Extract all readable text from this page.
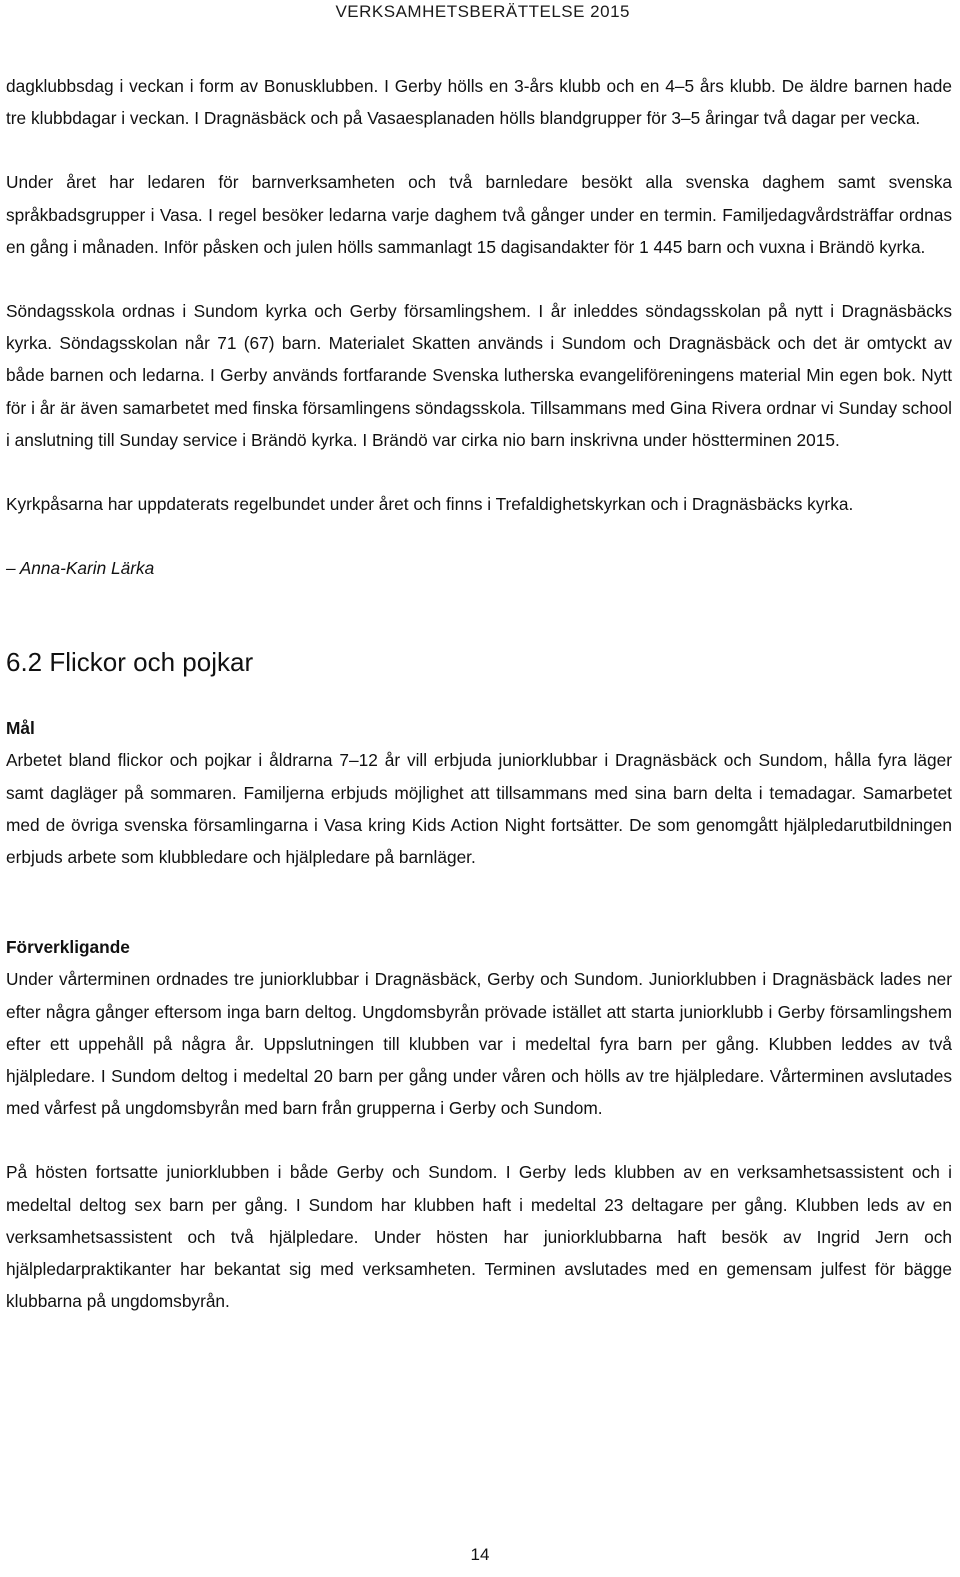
VERKSAMHETSBERÄTTELSE 2015

dagklubbsdag i veckan i form av Bonusklubben. I Gerby hölls en 3-års klubb och en 4–5 års klubb. De äldre barnen hade tre klubbdagar i veckan. I Dragnäsbäck och på Vasaesplanaden hölls blandgrupper för 3–5 åringar två dagar per vecka.

Under året har ledaren för barnverksamheten och två barnledare besökt alla svenska daghem samt svenska språkbadsgrupper i Vasa. I regel besöker ledarna varje daghem två gånger under en termin. Familjedagvårdsträffar ordnas en gång i månaden. Inför påsken och julen hölls sammanlagt 15 dagisandakter för 1 445 barn och vuxna i Brändö kyrka.

Söndagsskola ordnas i Sundom kyrka och Gerby församlingshem. I år inleddes söndagsskolan på nytt i Dragnäsbäcks kyrka. Söndagsskolan når 71 (67) barn. Materialet Skatten används i Sundom och Dragnäsbäck och det är omtyckt av både barnen och ledarna. I Gerby används fortfarande Svenska lutherska evangeliföreningens material Min egen bok. Nytt för i år är även samarbetet med finska församlingens söndagsskola. Tillsammans med Gina Rivera ordnar vi Sunday school i anslutning till Sunday service i Brändö kyrka. I Brändö var cirka nio barn inskrivna under höstterminen 2015.

Kyrkpåsarna har uppdaterats regelbundet under året och finns i Trefaldighetskyrkan och i Dragnäsbäcks kyrka.

– Anna-Karin Lärka

6.2 Flickor och pojkar

Mål

Arbetet bland flickor och pojkar i åldrarna 7–12 år vill erbjuda juniorklubbar i Dragnäsbäck och Sundom, hålla fyra läger samt dagläger på sommaren. Familjerna erbjuds möjlighet att tillsammans med sina barn delta i temadagar. Samarbetet med de övriga svenska församlingarna i Vasa kring Kids Action Night fortsätter. De som genomgått hjälpledarutbildningen erbjuds arbete som klubbledare och hjälpledare på barnläger.

Förverkligande

Under vårterminen ordnades tre juniorklubbar i Dragnäsbäck, Gerby och Sundom. Juniorklubben i Dragnäsbäck lades ner efter några gånger eftersom inga barn deltog. Ungdomsbyrån prövade istället att starta juniorklubb i Gerby församlingshem efter ett uppehåll på några år. Uppslutningen till klubben var i medeltal fyra barn per gång. Klubben leddes av två hjälpledare. I Sundom deltog i medeltal 20 barn per gång under våren och hölls av tre hjälpledare. Vårterminen avslutades med vårfest på ungdomsbyrån med barn från grupperna i Gerby och Sundom.

På hösten fortsatte juniorklubben i både Gerby och Sundom. I Gerby leds klubben av en verksamhetsassistent och i medeltal deltog sex barn per gång. I Sundom har klubben haft i medeltal 23 deltagare per gång. Klubben leds av en verksamhetsassistent och två hjälpledare. Under hösten har juniorklubbarna haft besök av Ingrid Jern och hjälpledarpraktikanter har bekantat sig med verksamheten. Terminen avslutades med en gemensam julfest för bägge klubbarna på ungdomsbyrån.

14
